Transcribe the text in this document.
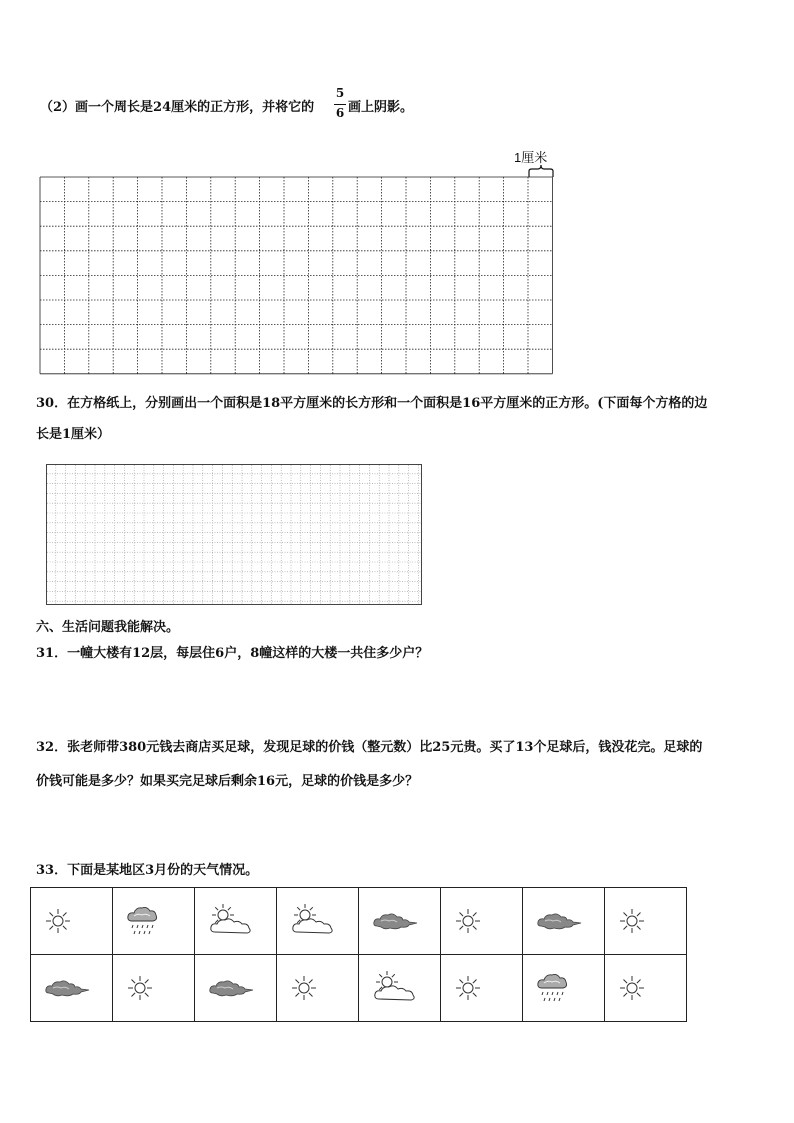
（2）画一个周长是24厘米的正方形，并将它的
5
6 画上阴影。
1厘米
30．在方格纸上，分别画出一个面积是18平方厘米的长方形和一个面积是16平方厘米的正方形。(下面每个方格的边
长是1厘米）
六、生活问题我能解决。
31．一幢大楼有12层，每层住6户，8幢这样的大楼一共住多少户？
32．张老师带380元钱去商店买足球，发现足球的价钱（整元数）比25元贵。买了13个足球后，钱没花完。足球的
价钱可能是多少？如果买完足球后剩余16元，足球的价钱是多少？
33．下面是某地区3月份的天气情况。
